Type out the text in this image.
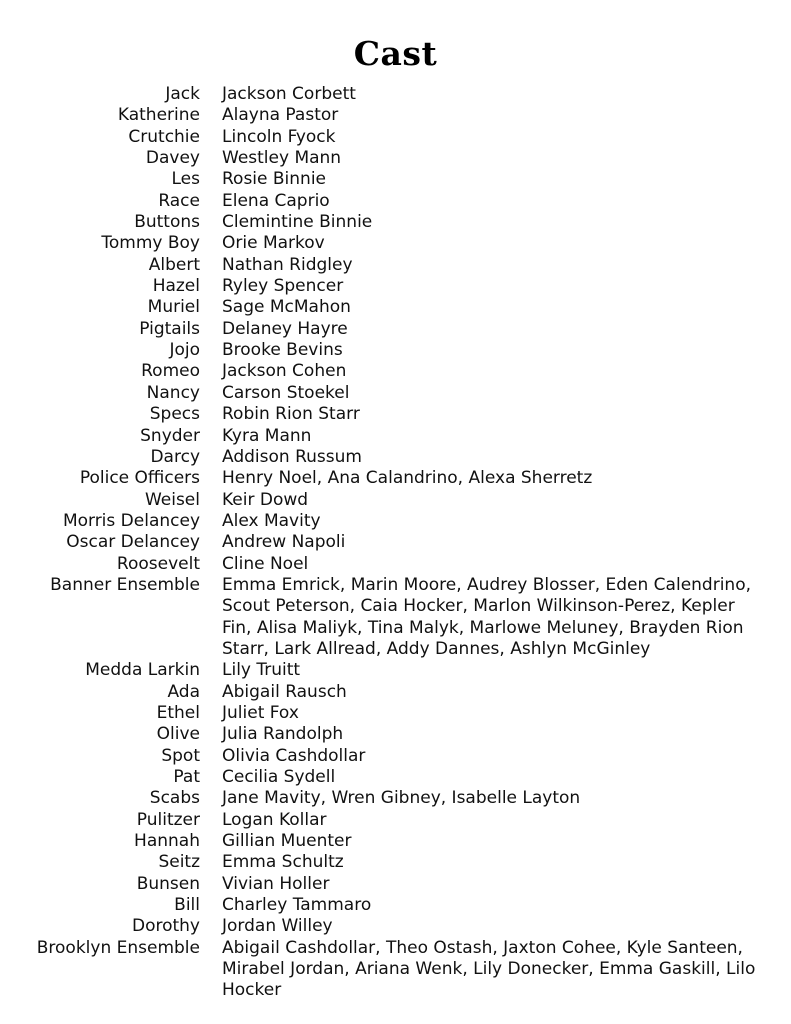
Cast
Jack Jackson Corbett
Katherine Alayna Pastor
Crutchie Lincoln Fyock
Davey Westley Mann
Les Rosie Binnie
Race Elena Caprio
Buttons Clemintine Binnie
Tommy Boy Orie Markov
Albert Nathan Ridgley
Hazel Ryley Spencer
Muriel Sage McMahon
Pigtails Delaney Hayre
Jojo Brooke Bevins
Romeo Jackson Cohen
Nancy Carson Stoekel
Specs Robin Rion Starr
Snyder Kyra Mann
Darcy Addison Russum
Police Officers Henry Noel, Ana Calandrino, Alexa Sherretz
Weisel Keir Dowd
Morris Delancey Alex Mavity
Oscar Delancey Andrew Napoli
Roosevelt Cline Noel
Banner Ensemble Emma Emrick, Marin Moore, Audrey Blosser, Eden Calendrino, Scout Peterson, Caia Hocker, Marlon Wilkinson-Perez, Kepler Fin, Alisa Maliyk, Tina Malyk, Marlowe Meluney, Brayden Rion Starr, Lark Allread, Addy Dannes, Ashlyn McGinley
Medda Larkin Lily Truitt
Ada Abigail Rausch
Ethel Juliet Fox
Olive Julia Randolph
Spot Olivia Cashdollar
Pat Cecilia Sydell
Scabs Jane Mavity, Wren Gibney, Isabelle Layton
Pulitzer Logan Kollar
Hannah Gillian Muenter
Seitz Emma Schultz
Bunsen Vivian Holler
Bill Charley Tammaro
Dorothy Jordan Willey
Brooklyn Ensemble Abigail Cashdollar, Theo Ostash, Jaxton Cohee, Kyle Santeen, Mirabel Jordan, Ariana Wenk, Lily Donecker, Emma Gaskill, Lilo Hocker
